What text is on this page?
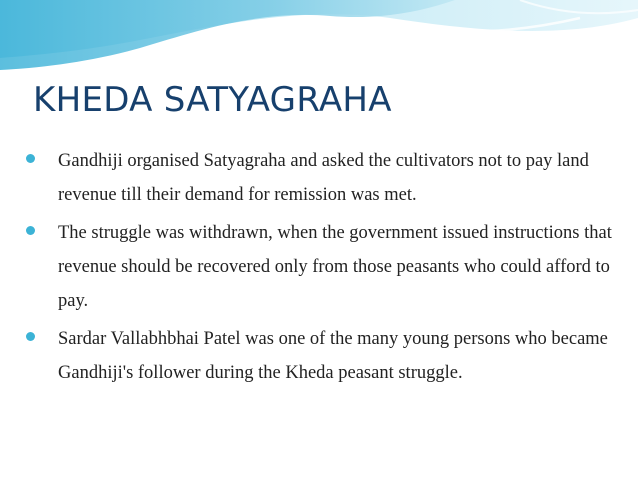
KHEDA SATYAGRAHA
Gandhiji organised Satyagraha and asked the cultivators not to pay land revenue till their demand for remission was met.
The struggle was withdrawn, when the government issued instructions that revenue should be recovered only from those peasants who could afford to pay.
Sardar Vallabhbhai Patel was one of the many young persons who became Gandhiji's follower during the Kheda peasant struggle.
